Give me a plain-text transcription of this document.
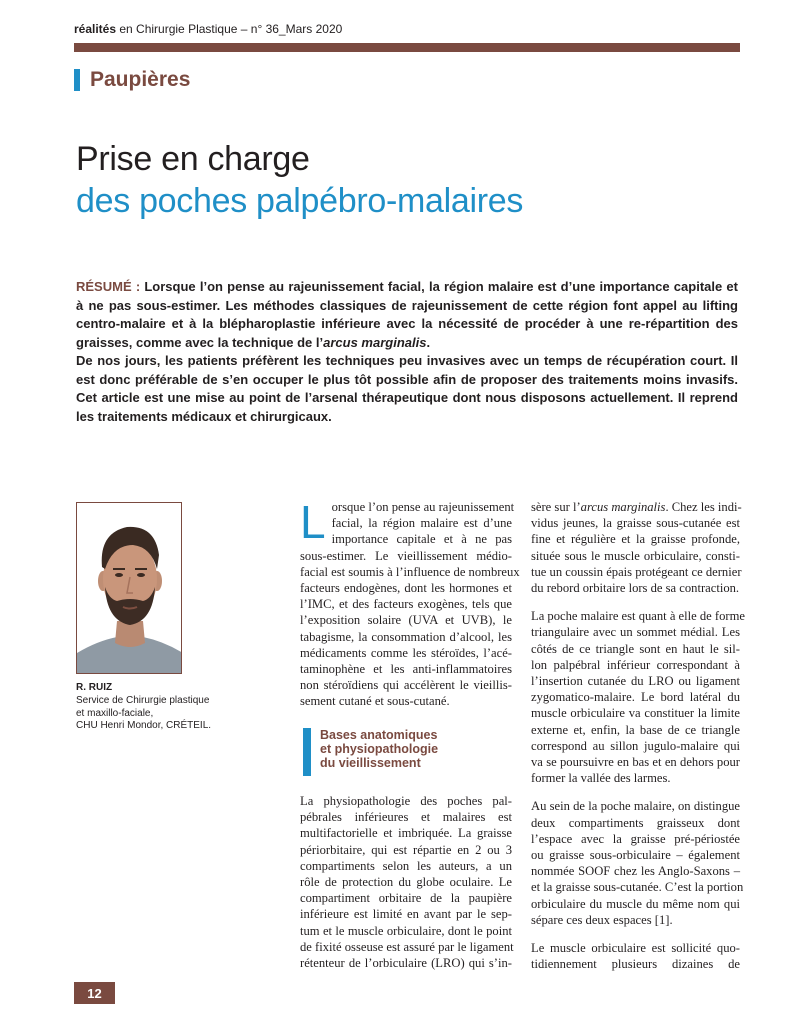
réalités en Chirurgie Plastique – n° 36_Mars 2020
Paupières
Prise en charge
des poches palpébro-malaires

RÉSUMÉ : Lorsque l’on pense au rajeunissement facial, la région malaire est d’une importance capitale et à ne pas sous-estimer. Les méthodes classiques de rajeunissement de cette région font appel au lifting centro-malaire et à la blépharoplastie inférieure avec la nécessité de procéder à une re-répartition des graisses, comme avec la technique de l’arcus marginalis.

De nos jours, les patients préfèrent les techniques peu invasives avec un temps de récupération court. Il est donc préférable de s’en occuper le plus tôt possible afin de proposer des traitements moins invasifs. Cet article est une mise au point de l’arsenal thérapeutique dont nous disposons actuellement. Il reprend les traitements médicaux et chirurgicaux.

R. RUIZ
Service de Chirurgie plastique
et maxillo-faciale,
CHU Henri Mondor, CRÉTEIL.

L orsque l’on pense au rajeunissement
facial, la région malaire est d’une
importance capitale et à ne pas
sous-estimer. Le vieillissement médio-
facial est soumis à l’influence de nombreux
facteurs endogènes, dont les hormones et
l’IMC, et des facteurs exogènes, tels que
l’exposition solaire (UVA et UVB), le
tabagisme, la consommation d’alcool, les
médicaments comme les stéroïdes, l’acé-
taminophène et les anti-inflammatoires
non stéroïdiens qui accélèrent le vieillis-
sement cutané et sous-cutané.

Bases anatomiques
et physiopathologie
du vieillissement

La physiopathologie des poches pal-
pébrales inférieures et malaires est
multifactorielle et imbriquée. La graisse
périorbitaire, qui est répartie en 2 ou 3
compartiments selon les auteurs, a un
rôle de protection du globe oculaire. Le
compartiment orbitaire de la paupière
inférieure est limité en avant par le sep-
tum et le muscle orbiculaire, dont le point
de fixité osseuse est assuré par le ligament
rétenteur de l’orbiculaire (LRO) qui s’in-

sère sur l’arcus marginalis. Chez les indi-
vidus jeunes, la graisse sous-cutanée est
fine et régulière et la graisse profonde,
située sous le muscle orbiculaire, consti-
tue un coussin épais protégeant ce dernier
du rebord orbitaire lors de sa contraction.

La poche malaire est quant à elle de forme
triangulaire avec un sommet médial. Les
côtés de ce triangle sont en haut le sil-
lon palpébral inférieur correspondant à
l’insertion cutanée du LRO ou ligament
zygomatico-malaire. Le bord latéral du
muscle orbiculaire va constituer la limite
externe et, enfin, la base de ce triangle
correspond au sillon jugulo-malaire qui
va se poursuivre en bas et en dehors pour
former la vallée des larmes.

Au sein de la poche malaire, on distingue
deux compartiments graisseux dont
l’espace avec la graisse pré-périostée
ou graisse sous-orbiculaire – également
nommée SOOF chez les Anglo-Saxons –
et la graisse sous-cutanée. C’est la portion
orbiculaire du muscle du même nom qui
sépare ces deux espaces [1].

Le muscle orbiculaire est sollicité quo-
tidiennement plusieurs dizaines de

12
